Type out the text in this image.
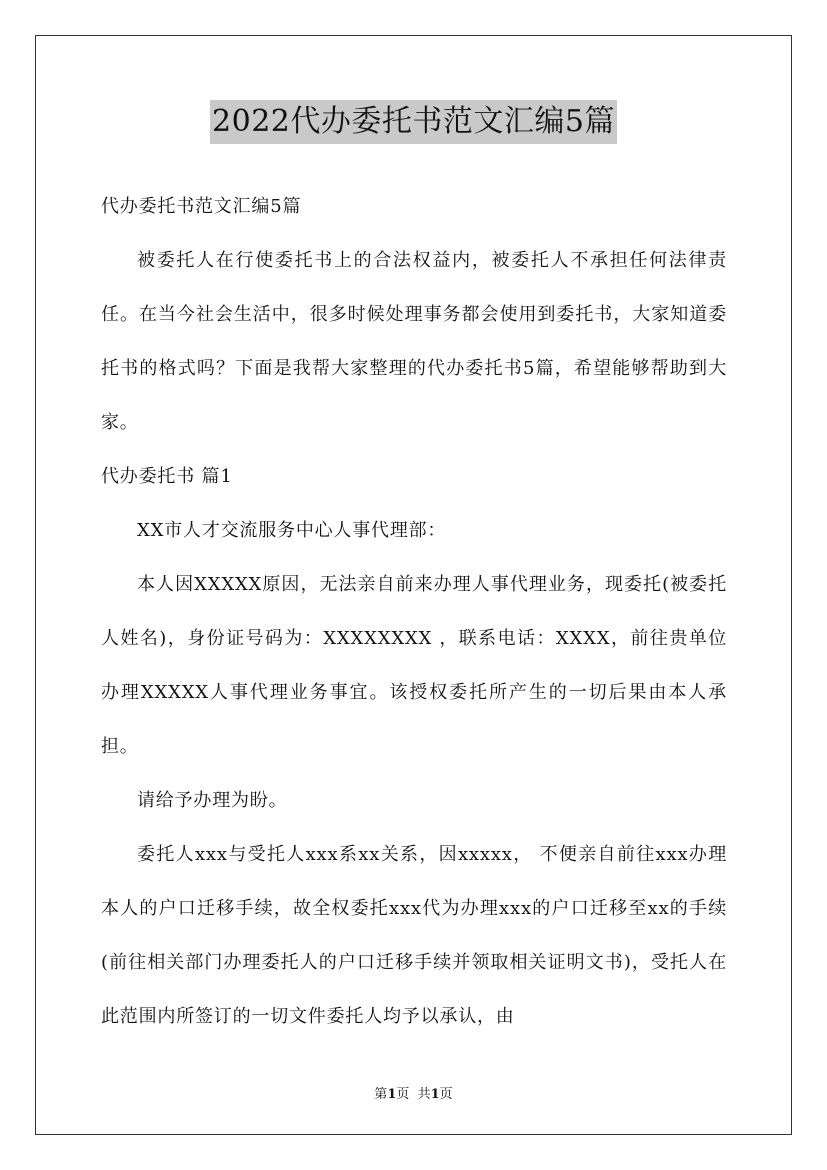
2022代办委托书范文汇编5篇

代办委托书范文汇编5篇

被委托人在行使委托书上的合法权益内，被委托人不承担任何法律责任。在当今社会生活中，很多时候处理事务都会使用到委托书，大家知道委托书的格式吗？下面是我帮大家整理的代办委托书5篇，希望能够帮助到大家。

代办委托书 篇1

XX市人才交流服务中心人事代理部：

本人因XXXXX原因，无法亲自前来办理人事代理业务，现委托(被委托人姓名)，身份证号码为：XXXXXXXX ，联系电话：XXXX，前往贵单位办理XXXXX人事代理业务事宜。该授权委托所产生的一切后果由本人承担。

请给予办理为盼。

委托人xxx与受托人xxx系xx关系，因xxxxx， 不便亲自前往xxx办理本人的户口迁移手续，故全权委托xxx代为办理xxx的户口迁移至xx的手续(前往相关部门办理委托人的户口迁移手续并领取相关证明文书)，受托人在此范围内所签订的一切文件委托人均予以承认，由

第1页  共1页
